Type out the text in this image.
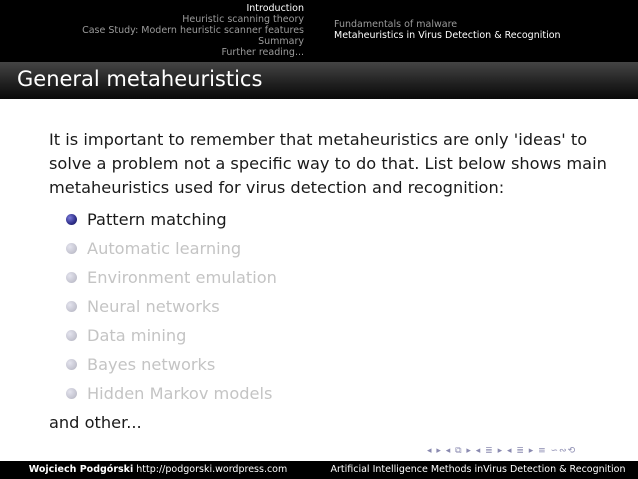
Introduction
Heuristic scanning theory
Case Study: Modern heuristic scanner features
Summary
Further reading...
Fundamentals of malware
Metaheuristics in Virus Detection & Recognition
General metaheuristics

It is important to remember that metaheuristics are only 'ideas' to solve a problem not a specific way to do that. List below shows main metaheuristics used for virus detection and recognition:

Pattern matching
Automatic learning
Environment emulation
Neural networks
Data mining
Bayes networks
Hidden Markov models

and other...

◂ ▸ ◂ ⧉ ▸ ◂ ≣ ▸ ◂ ≣ ▸ ≡ ∽∾⟲
Wojciech Podgórski http://podgorski.wordpress.com	Artificial Intelligence Methods inVirus Detection & Recognition
